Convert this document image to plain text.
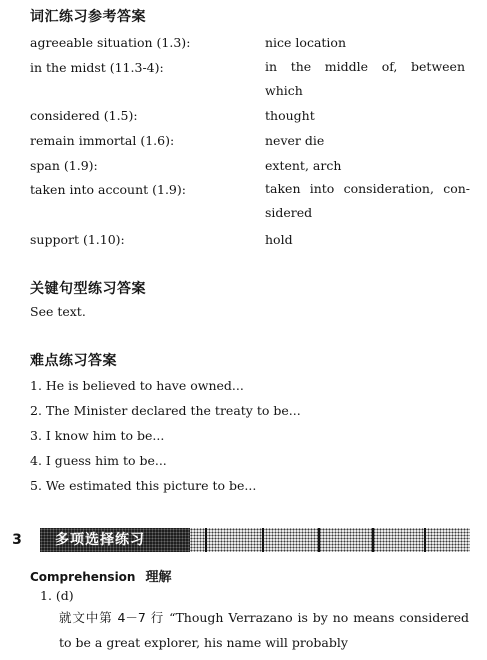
词汇练习参考答案
agreeable situation (1.3):	nice location
in the midst (11.3-4):	in the middle of, between which
considered (1.5):	thought
remain immortal (1.6):	never die
span (1.9):	extent, arch
taken into account (1.9):	taken into consideration, con- sidered
support (1.10):	hold
关键句型练习答案
See text.
难点练习答案
1. He is believed to have owned...
2. The Minister declared the treaty to be...
3. I know him to be...
4. I guess him to be...
5. We estimated this picture to be...
3	多项选择练习
Comprehension 理解
1. (d)
就文中第 4－7 行 “Though Verrazano is by no means considered to be a great explorer, his name will probably
